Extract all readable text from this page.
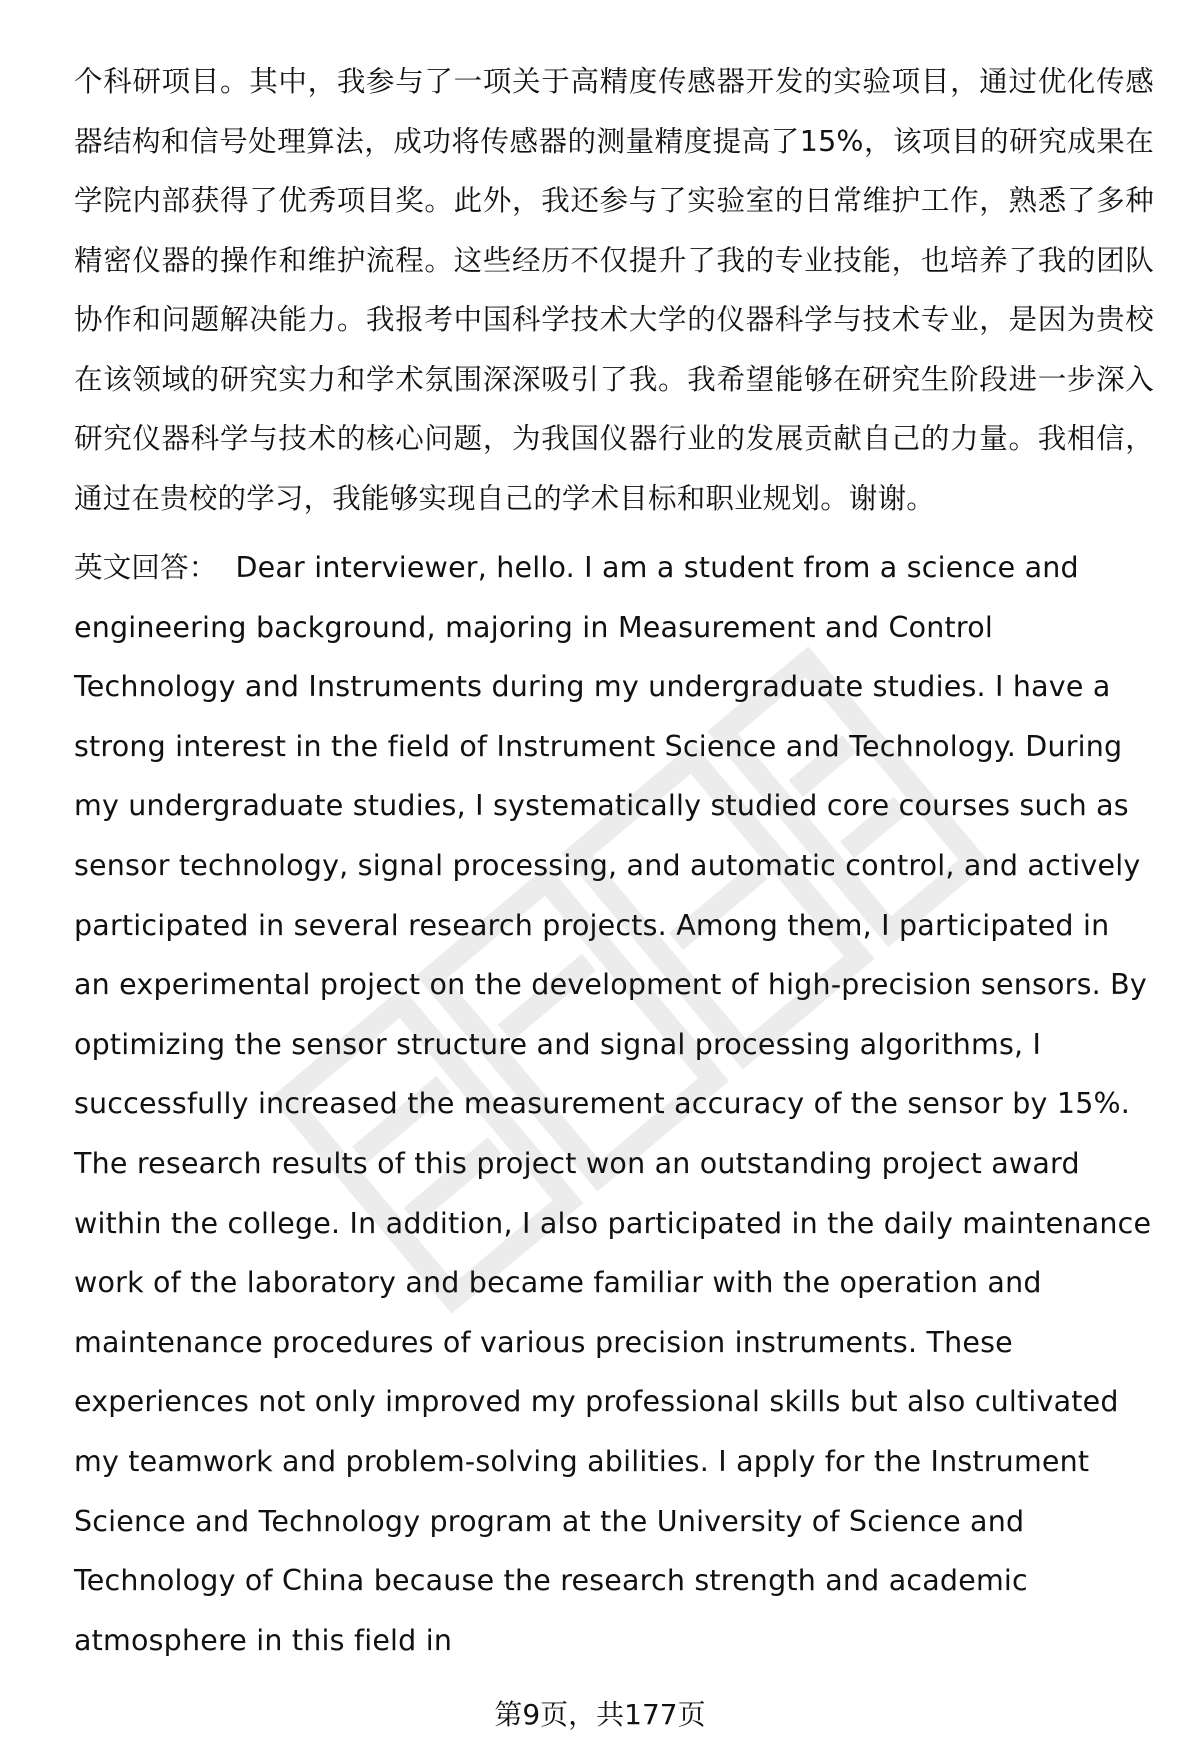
个科研项目。其中，我参与了一项关于高精度传感器开发的实验项目，通过优化传感器结构和信号处理算法，成功将传感器的测量精度提高了15%，该项目的研究成果在学院内部获得了优秀项目奖。此外，我还参与了实验室的日常维护工作，熟悉了多种精密仪器的操作和维护流程。这些经历不仅提升了我的专业技能，也培养了我的团队协作和问题解决能力。我报考中国科学技术大学的仪器科学与技术专业，是因为贵校在该领域的研究实力和学术氛围深深吸引了我。我希望能够在研究生阶段进一步深入研究仪器科学与技术的核心问题，为我国仪器行业的发展贡献自己的力量。我相信，通过在贵校的学习，我能够实现自己的学术目标和职业规划。谢谢。

英文回答： Dear interviewer, hello. I am a student from a science and engineering background, majoring in Measurement and Control Technology and Instruments during my undergraduate studies. I have a strong interest in the field of Instrument Science and Technology. During my undergraduate studies, I systematically studied core courses such as sensor technology, signal processing, and automatic control, and actively participated in several research projects. Among them, I participated in an experimental project on the development of high-precision sensors. By optimizing the sensor structure and signal processing algorithms, I successfully increased the measurement accuracy of the sensor by 15%. The research results of this project won an outstanding project award within the college. In addition, I also participated in the daily maintenance work of the laboratory and became familiar with the operation and maintenance procedures of various precision instruments. These experiences not only improved my professional skills but also cultivated my teamwork and problem-solving abilities. I apply for the Instrument Science and Technology program at the University of Science and Technology of China because the research strength and academic atmosphere in this field in

第9页，共177页
